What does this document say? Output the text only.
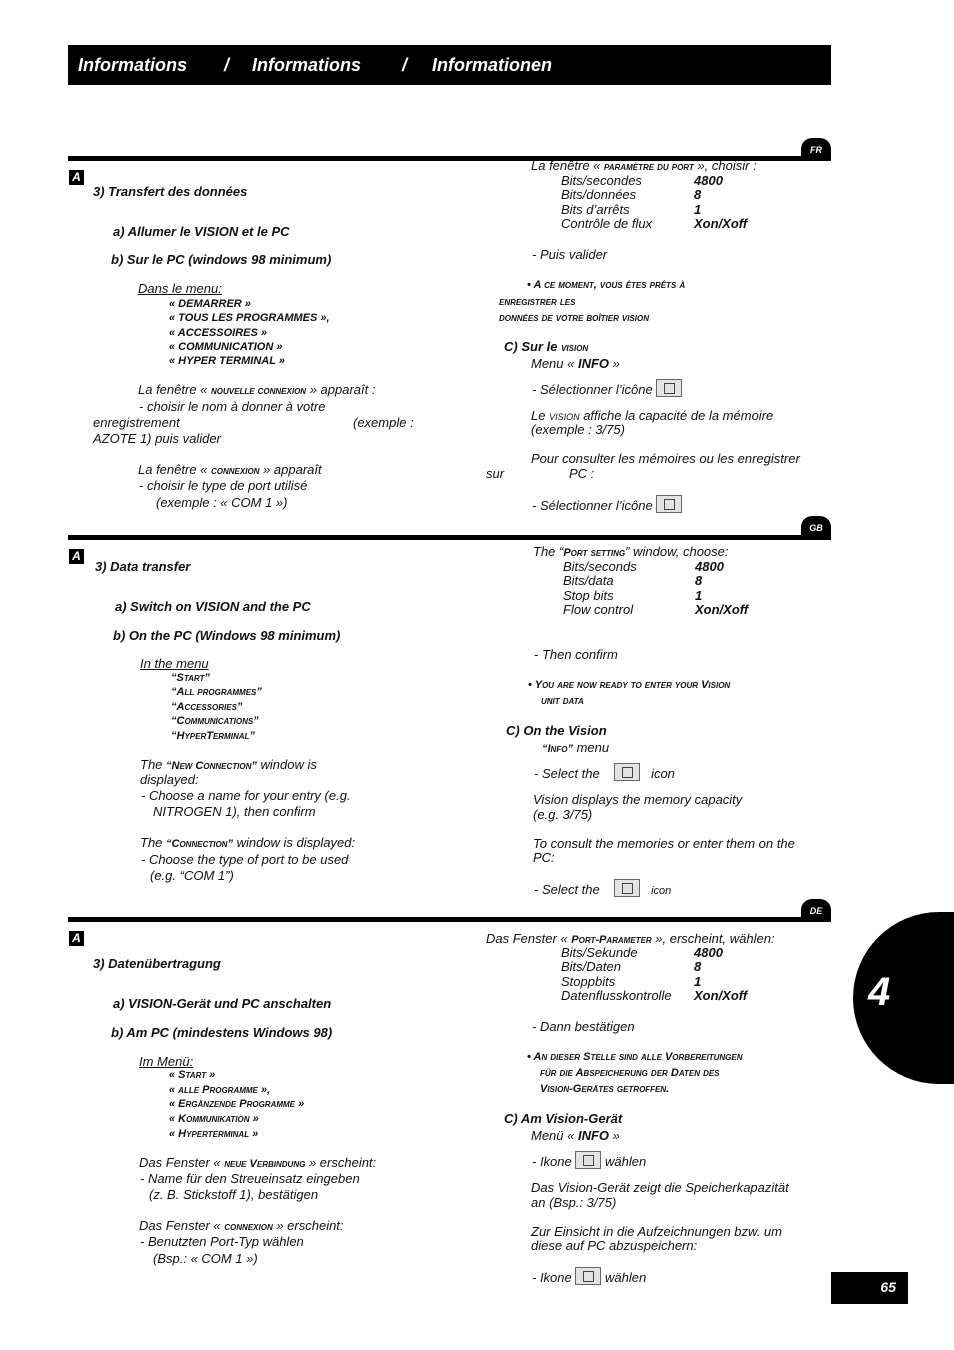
Informations / Informations / Informationen
FR
A
3) Transfert des données
a) Allumer le VISION et le PC
b) Sur le PC (windows 98 minimum)
Dans le menu:
« DEMARRER »
« TOUS LES PROGRAMMES »,
« ACCESSOIRES »
« COMMUNICATION »
« HYPER TERMINAL »
La fenêtre « nouvelle connexion » apparaît :
- choisir le nom à donner à votre
enregistrement	(exemple :
AZOTE 1) puis valider
La fenêtre « connexion » apparaît
- choisir le type de port utilisé
(exemple : « COM 1 »)
La fenêtre « paramètre du port », choisir :
Bits/secondes	4800
Bits/données	8
Bits d’arrêts	1
Contrôle de flux	Xon/Xoff
- Puis valider
• A ce moment, vous êtes prêts à
enregistrer les
données de votre boîtier vision
C) Sur le vision
Menu « INFO »
- Sélectionner l’icône
Le vision affiche la capacité de la mémoire
(exemple : 3/75)
Pour consulter les mémoires ou les enregistrer
sur	PC :
- Sélectionner l’icône
GB
A
3) Data transfer
a) Switch on VISION and the PC
b) On the PC (Windows 98 minimum)
In the menu
“Start”
“All programmes”
“Accessories”
“Communications”
“HyperTerminal”
The “New Connection” window is
displayed:
- Choose a name for your entry (e.g.
NITROGEN 1), then confirm
The “Connection” window is displayed:
- Choose the type of port to be used
(e.g. “COM 1”)
The “Port setting” window, choose:
Bits/seconds	4800
Bits/data	8
Stop bits	1
Flow control	Xon/Xoff
- Then confirm
• You are now ready to enter your Vision
unit data
C) On the Vision
“Info” menu
- Select the	icon
Vision displays the memory capacity
(e.g. 3/75)
To consult the memories or enter them on the
PC:
- Select the	icon
DE
A
3) Datenübertragung
a) VISION-Gerät und PC anschalten
b) Am PC (mindestens Windows 98)
Im Menü:
« Start »
« alle Programme »,
« Ergänzende Programme »
« Kommunikation »
« Hyperterminal »
Das Fenster « neue Verbindung » erscheint:
- Name für den Streueinsatz eingeben
(z. B. Stickstoff 1), bestätigen
Das Fenster « connexion » erscheint:
- Benutzten Port-Typ wählen
(Bsp.: « COM 1 »)
Das Fenster « Port-Parameter », erscheint, wählen:
Bits/Sekunde	4800
Bits/Daten	8
Stoppbits	1
Datenflusskontrolle Xon/Xoff
- Dann bestätigen
• An dieser Stelle sind alle Vorbereitungen
für die Abspeicherung der Daten des
Vision-Gerätes getroffen.
C) Am Vision-Gerät
Menü « INFO »
- Ikone	wählen
Das Vision-Gerät zeigt die Speicherkapazität
an (Bsp.: 3/75)
Zur Einsicht in die Aufzeichnungen bzw. um
diese auf PC abzuspeichern:
- Ikone	wählen
4
65
